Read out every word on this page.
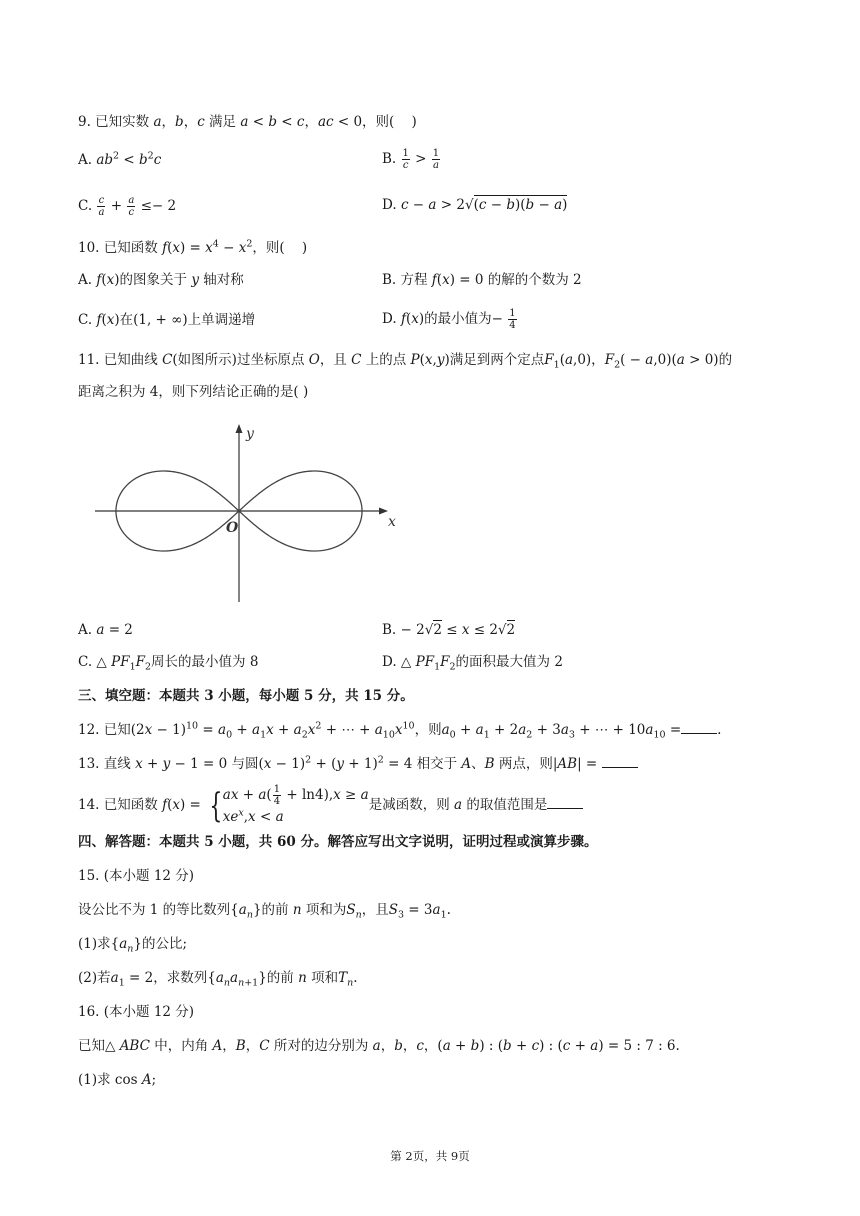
9. 已知实数 a，b，c 满足 a < b < c，ac < 0，则(    )
A. $ab^2 < b^2c$	B. $\frac{1}{c} > \frac{1}{a}$
C. $\frac{c}{a} + \frac{a}{c} \le- 2$	D. c − a > 2√(c − b)(b − a)
10. 已知函数 $f(x) = x^4 - x^2$，则(    )
A. f(x)的图象关于 y 轴对称	B. 方程 f(x) = 0 的解的个数为 2
C. f(x)在(1, + ∞)上单调递增	D. f(x)的最小值为− $\frac{1}{4}$
11. 已知曲线 C(如图所示)过坐标原点 O，且 C 上的点 P(x,y)满足到两个定点$F_1(a,0)$，$F_2( - a,0)(a > 0)$的
距离之积为 4，则下列结论正确的是( )
y
x
O
A. a = 2	B. − 2√2 ≤ x ≤ 2√2
C. △ $PF_1F_2$周长的最小值为 8	D. △ $PF_1F_2$的面积最大值为 2
三、填空题：本题共 3 小题，每小题 5 分，共 15 分。
12. 已知$(2x - 1)^{10} = a_0 + a_1x + a_2x^2$ + ⋯ + $a_{10}x^{10}$，则$a_0 + a_1 + 2a_2 + 3a_3$ + ⋯ + $10a_{10}$ =	.
13. 直线 x + y − 1 = 0 与圆$(x - 1)^2 + (y + 1)^2 = 4$ 相交于 A、B 两点，则|AB| =
14. 已知函数 f(x) = { ax + $a( \frac{1}{4} + \ln 4),x \ge a$
$xe^x,x < a$
是减函数，则 a 的取值范围是
四、解答题：本题共 5 小题，共 60 分。解答应写出文字说明，证明过程或演算步骤。
15. (本小题 12 分)
设公比不为 1 的等比数列$\{a_n\}$的前 n 项和为$S_n$，且$S_3 = 3a_1$.
(1)求$\{a_n\}$的公比;
(2)若$a_1 = 2$，求数列$\{a_na_{n+1}\}$的前 n 项和$T_n$.
16. (本小题 12 分)
已知△ ABC 中，内角 A，B，C 所对的边分别为 a，b，c，(a + b) : (b + c) : (c + a) = 5 : 7 : 6.
(1)求 cos A;
第 2页，共 9页
